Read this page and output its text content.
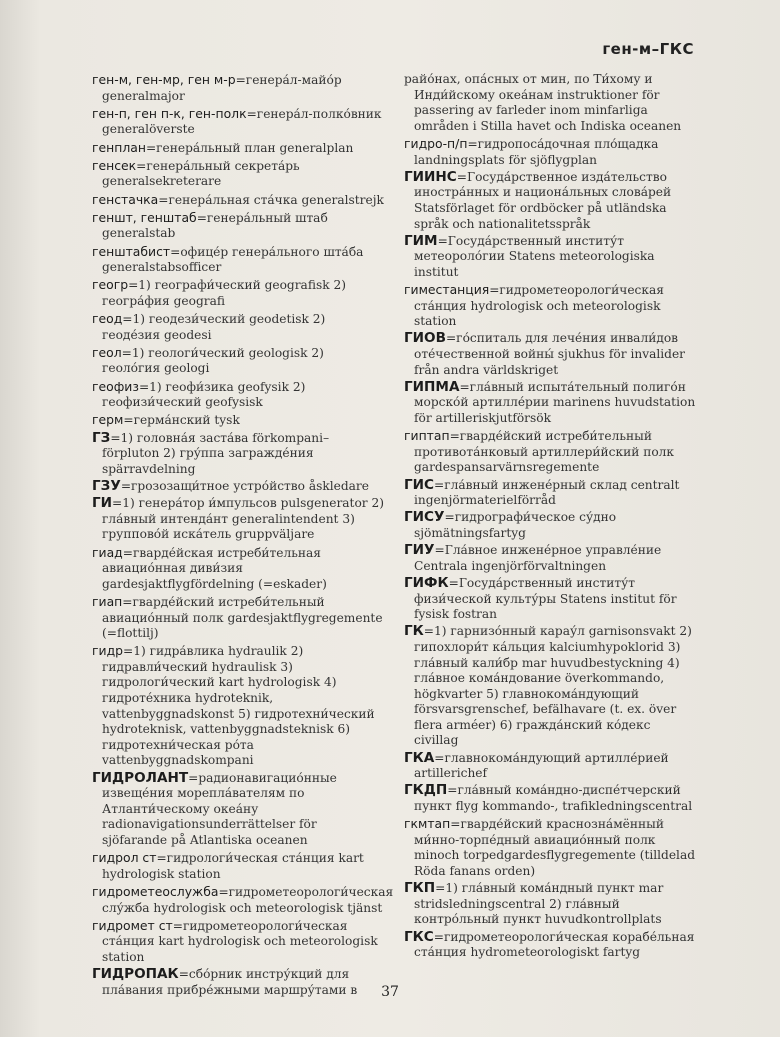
ген-м–ГКС
ген-м, ген-мр, ген м-р=генера́л-майо́р generalmajor
ген-п, ген п-к, ген-полк=генера́л-полко́вник generalöverste
генплан=генера́льный план generalplan
генсек=генера́льный секрета́рь generalsekreterare
генстачка=генера́льная ста́чка generalstrejk
геншт, генштаб=генера́льный штаб generalstab
генштабист=офице́р генера́льного шта́ба generalstabsofficer
геогр=1) географи́ческий geografisk 2) геогра́фия geografi
геод=1) геодези́ческий geodetisk 2) геоде́зия geodesi
геол=1) геологи́ческий geologisk 2) геоло́гия geologi
геофиз=1) геофи́зика geofysik 2) геофизи́ческий geofysisk
герм=герма́нский tysk
ГЗ=1) головна́я заста́ва förkompani–förpluton 2) гру́ппа загражде́ния spärravdelning
ГЗУ=грозозащи́тное устро́йство åskledare
ГИ=1) генера́тор и́мпульсов pulsgenerator 2) гла́вный интенда́нт generalintendent 3) группово́й иска́тель gruppväljare
гиад=гварде́йская истреби́тельная авиацио́нная диви́зия gardesjaktflygfördelning (=eskader)
гиап=гварде́йский истреби́тельный авиацио́нный полк gardesjaktflygregemente (=flottilj)
гидр=1) гидра́влика hydraulik 2) гидравли́ческий hydraulisk 3) гидрологи́ческий kart hydrologisk 4) гидроте́хника hydroteknik, vattenbyggnadskonst 5) гидротехни́ческий hydroteknisk, vattenbyggnadsteknisk 6) гидротехни́ческая ро́та vattenbyggnadskompani
ГИДРОЛАНТ=радионавигацио́нные извеще́ния морепла́вателям по Атланти́ческому океа́ну radionavigationsunderrättelser för sjöfarande på Atlantiska oceanen
гидрол ст=гидрологи́ческая ста́нция kart hydrologisk station
гидрометеослужба=гидрометеорологи́ческая слу́жба hydrologisk och meteorologisk tjänst
гидромет ст=гидрометеорологи́ческая ста́нция kart hydrologisk och meteorologisk station
ГИДРОПАК=сбо́рник инстру́кций для пла́вания прибре́жными маршру́тами в
райо́нах, опа́сных от мин, по Ти́хому и Инди́йскому океа́нам instruktioner för passering av farleder inom minfarliga områden i Stilla havet och Indiska oceanen
гидро-п/п=гидропоса́дочная пло́щадка landningsplats för sjöflygplan
ГИИНС=Госуда́рственное изда́тельство иностра́нных и национа́льных слова́рей Statsförlaget för ordböcker på utländska språk och nationalitetsspråk
ГИМ=Госуда́рственный институ́т метеороло́гии Statens meteorologiska institut
гиместанция=гидрометеорологи́ческая ста́нция hydrologisk och meteorologisk station
ГИОВ=го́спиталь для лече́ния инвали́дов оте́чественной войны́ sjukhus för invalider från andra världskriget
ГИПМА=гла́вный испыта́тельный полиго́н морско́й артилле́рии marinens huvudstation för artilleriskjutförsök
гиптап=гварде́йский истреби́тельный противота́нковый артиллери́йский полк gardespansarvärnsregemente
ГИС=гла́вный инжене́рный склад centralt ingenjörmaterielförråd
ГИСУ=гидрографи́ческое су́дно sjömätningsfartyg
ГИУ=Гла́вное инжене́рное управле́ние Centrala ingenjörförvaltningen
ГИФК=Госуда́рственный институ́т физи́ческой культу́ры Statens institut för fysisk fostran
ГК=1) гарнизо́нный карау́л garnisonsvakt 2) гипохлори́т ка́льция kalciumhypoklorid 3) гла́вный кали́бр mar huvudbestyckning 4) гла́вное кома́ндование överkommando, högkvarter 5) главнокома́ндующий försvarsgrenschef, befälhavare (t. ex. över flera arméer) 6) гражда́нский ко́декс civillag
ГКА=главнокома́ндующий артилле́рией artillerichef
ГКДП=гла́вный кома́ндно-диспе́тчерский пункт flyg kommando-, trafikledningscentral
гкмтап=гварде́йский краснозна́мённый ми́нно-торпе́дный авиацио́нный полк minoch torpedgardesflygregemente (tilldelad Röda fanans orden)
ГКП=1) гла́вный кома́ндный пункт mar stridsledningscentral 2) гла́вный контро́льный пункт huvudkontrollplats
ГКС=гидрометеорологи́ческая корабе́льная ста́нция hydrometeorologiskt fartyg
37
